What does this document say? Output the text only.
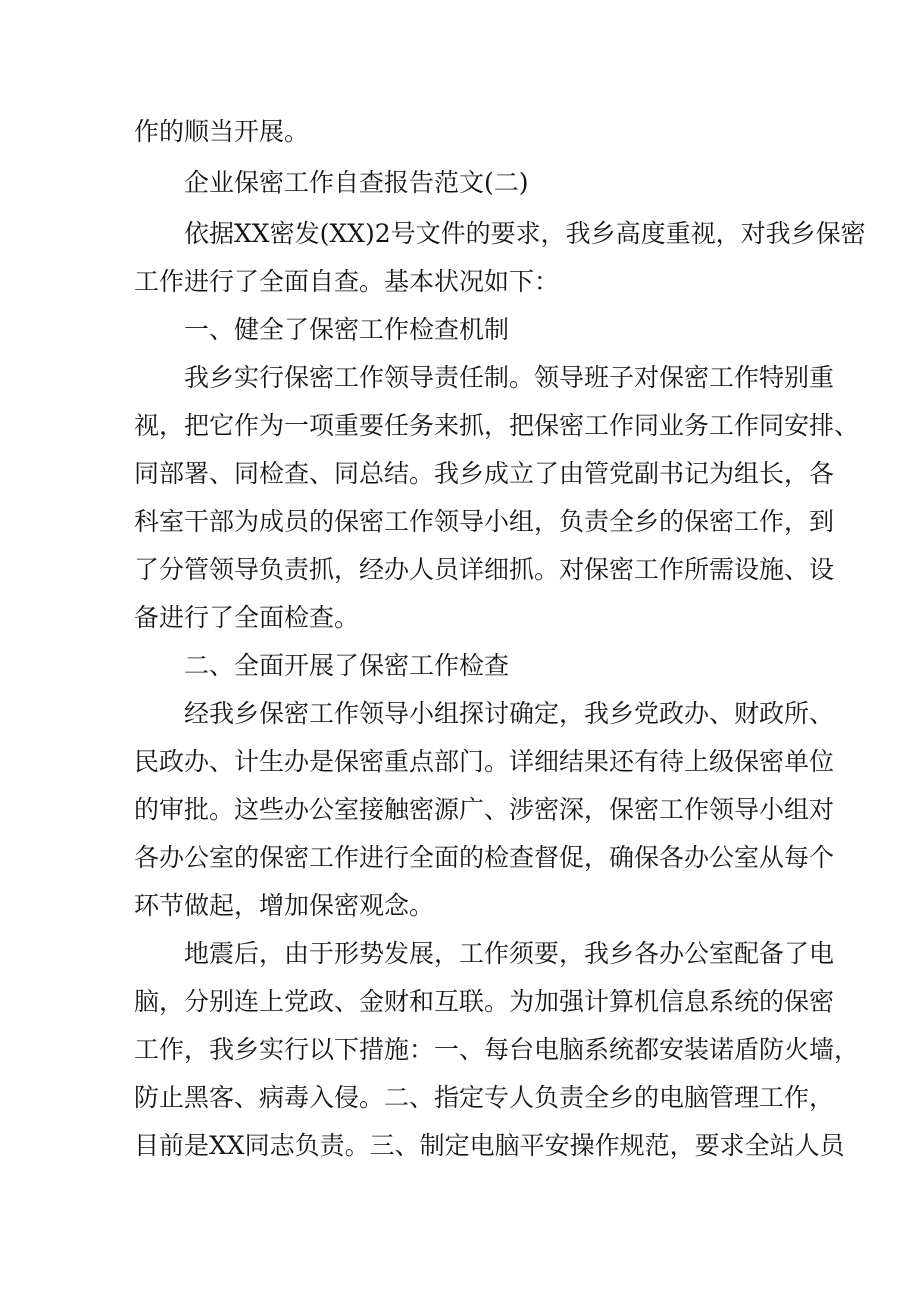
作的顺当开展。
企业保密工作自查报告范文(二)
依据XX密发(XX)2号文件的要求，我乡高度重视，对我乡保密
工作进行了全面自查。基本状况如下：
一、健全了保密工作检查机制
我乡实行保密工作领导责任制。领导班子对保密工作特别重
视，把它作为一项重要任务来抓，把保密工作同业务工作同安排、
同部署、同检查、同总结。我乡成立了由管党副书记为组长，各
科室干部为成员的保密工作领导小组，负责全乡的保密工作，到
了分管领导负责抓，经办人员详细抓。对保密工作所需设施、设
备进行了全面检查。
二、全面开展了保密工作检查
经我乡保密工作领导小组探讨确定，我乡党政办、财政所、
民政办、计生办是保密重点部门。详细结果还有待上级保密单位
的审批。这些办公室接触密源广、涉密深，保密工作领导小组对
各办公室的保密工作进行全面的检查督促，确保各办公室从每个
环节做起，增加保密观念。
地震后，由于形势发展，工作须要，我乡各办公室配备了电
脑，分别连上党政、金财和互联。为加强计算机信息系统的保密
工作，我乡实行以下措施：一、每台电脑系统都安装诺盾防火墙，
防止黑客、病毒入侵。二、指定专人负责全乡的电脑管理工作，
目前是XX同志负责。三、制定电脑平安操作规范，要求全站人员
